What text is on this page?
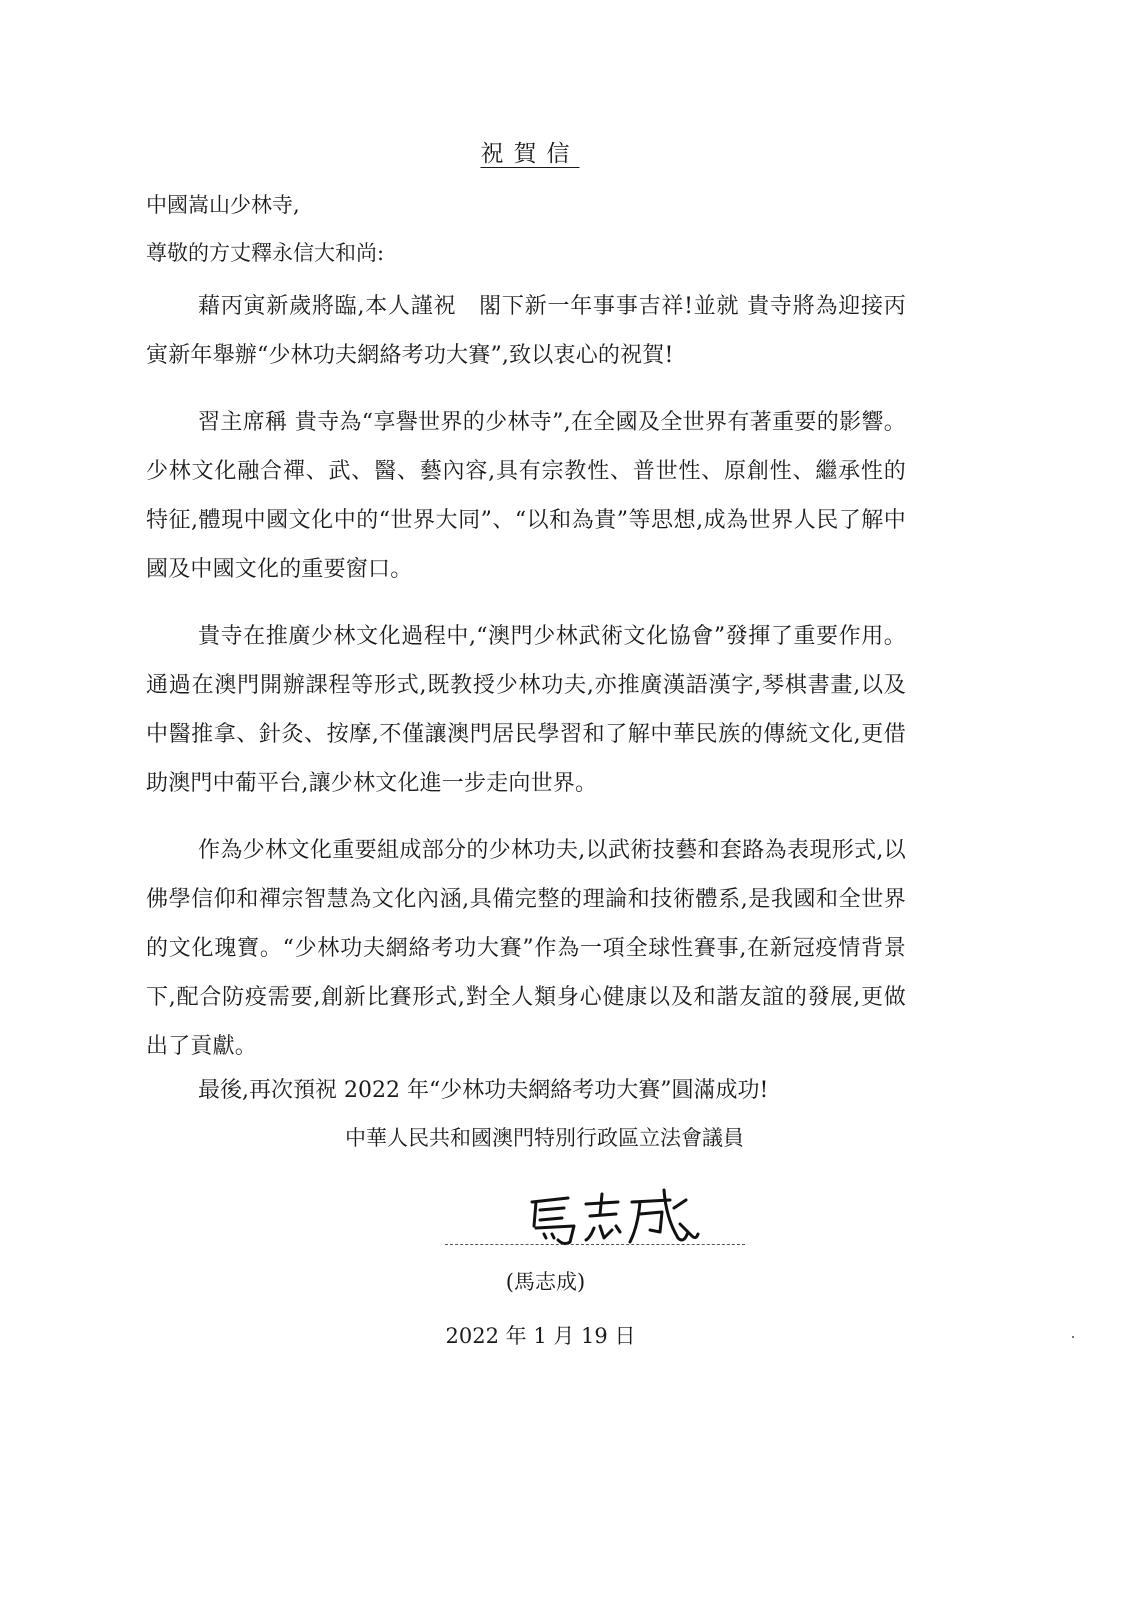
祝賀信
中國嵩山少林寺,
尊敬的方丈釋永信大和尚:

藉丙寅新歲將臨,本人謹祝　閣下新一年事事吉祥!並就 貴寺將為迎接丙寅新年舉辦“少林功夫網絡考功大賽”,致以衷心的祝賀!

習主席稱 貴寺為“享譽世界的少林寺”,在全國及全世界有著重要的影響。少林文化融合禪、武、醫、藝內容,具有宗教性、普世性、原創性、繼承性的特征,體現中國文化中的“世界大同”、“以和為貴”等思想,成為世界人民了解中國及中國文化的重要窗口。

貴寺在推廣少林文化過程中,“澳門少林武術文化協會”發揮了重要作用。通過在澳門開辦課程等形式,既教授少林功夫,亦推廣漢語漢字,琴棋書畫,以及中醫推拿、針灸、按摩,不僅讓澳門居民學習和了解中華民族的傳統文化,更借助澳門中葡平台,讓少林文化進一步走向世界。

作為少林文化重要組成部分的少林功夫,以武術技藝和套路為表現形式,以佛學信仰和禪宗智慧為文化內涵,具備完整的理論和技術體系,是我國和全世界的文化瑰寶。“少林功夫網絡考功大賽”作為一項全球性賽事,在新冠疫情背景下,配合防疫需要,創新比賽形式,對全人類身心健康以及和諧友誼的發展,更做出了貢獻。

最後,再次預祝 2022 年“少林功夫網絡考功大賽”圓滿成功!
中華人民共和國澳門特別行政區立法會議員
(馬志成)
2022 年 1 月 19 日
